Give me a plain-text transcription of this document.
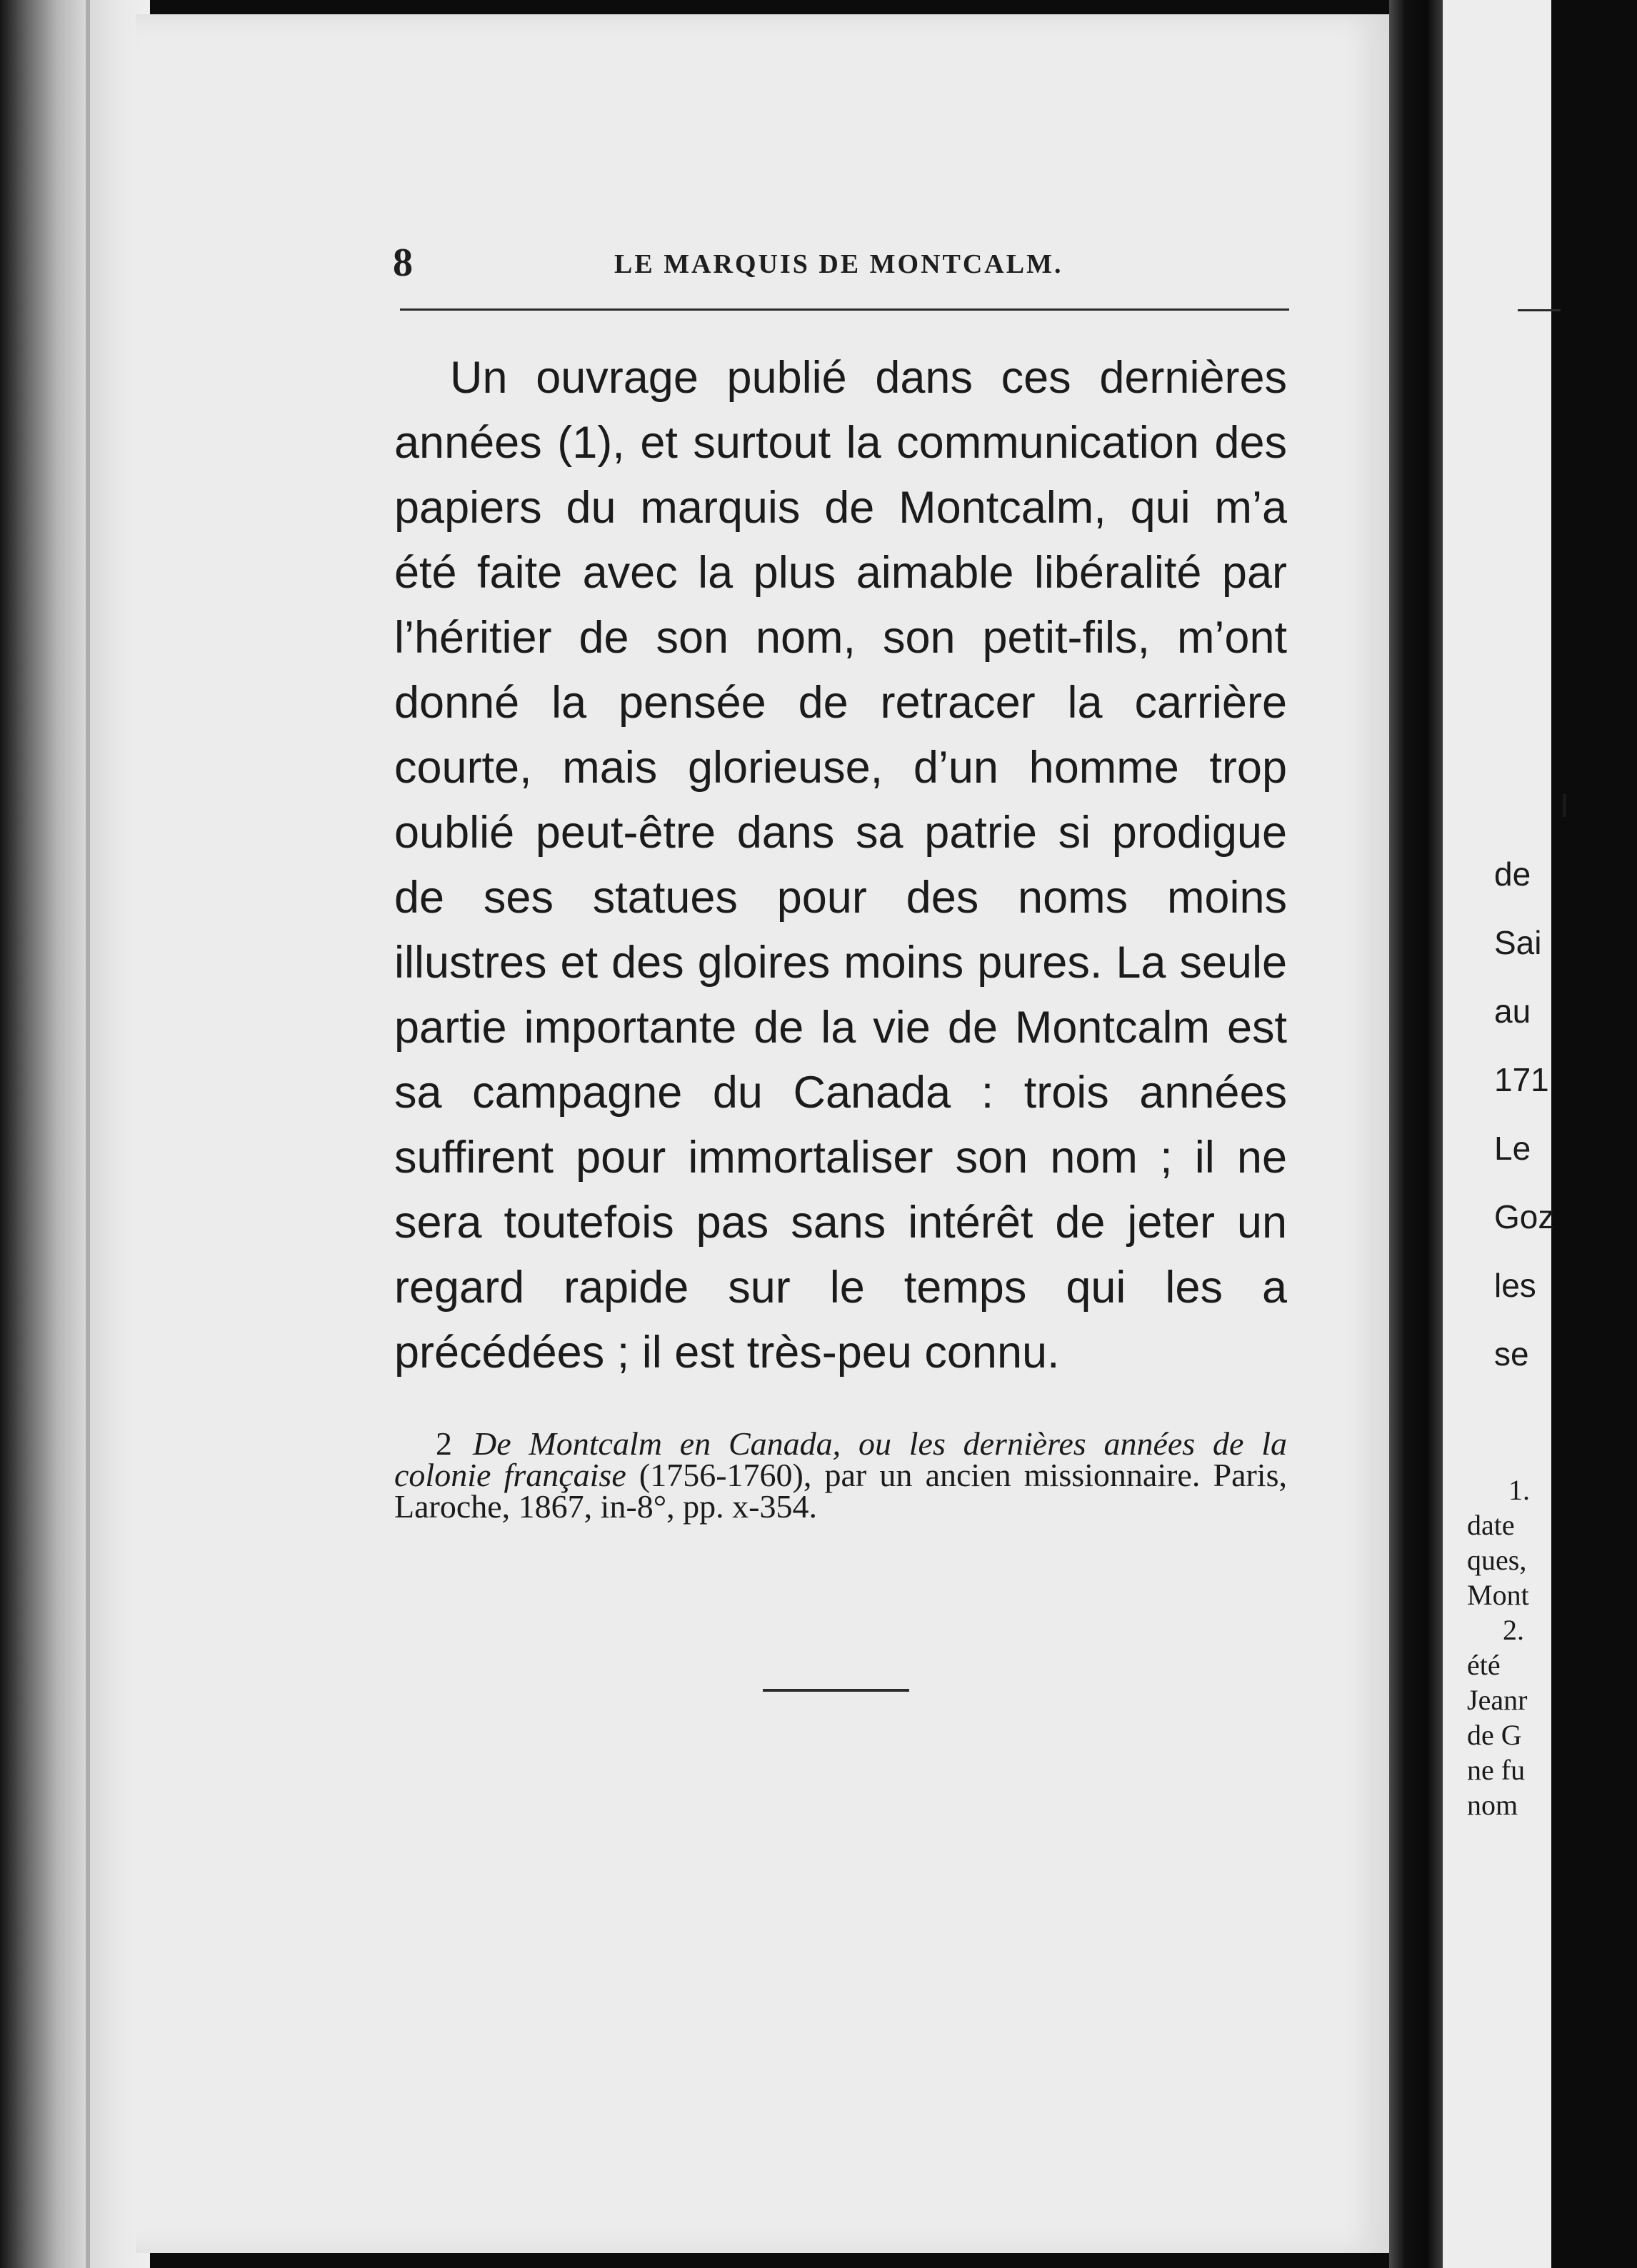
8	LE MARQUIS DE MONTCALM.

Un ouvrage publié dans ces dernières années (1), et surtout la communication des papiers du marquis de Montcalm, qui m’a été faite avec la plus aimable libéralité par l’héritier de son nom, son petit-fils, m’ont donné la pensée de retracer la carrière courte, mais glorieuse, d’un homme trop oublié peut-être dans sa patrie si prodigue de ses statues pour des noms moins illustres et des gloires moins pures. La seule partie importante de la vie de Montcalm est sa campagne du Canada : trois années suffirent pour immortaliser son nom ; il ne sera toutefois pas sans intérêt de jeter un regard rapide sur le temps qui les a précédées ; il est très-peu connu.

2 De Montcalm en Canada, ou les dernières années de la colonie française (1756-1760), par un ancien missionnaire. Paris, Laroche, 1867, in-8°, pp. x-354.
I
de
Sai
au
171
Le
Goz
les
se
1.
date
ques,
Mont
2.
été
Jeanr
de G
ne fu
nom
